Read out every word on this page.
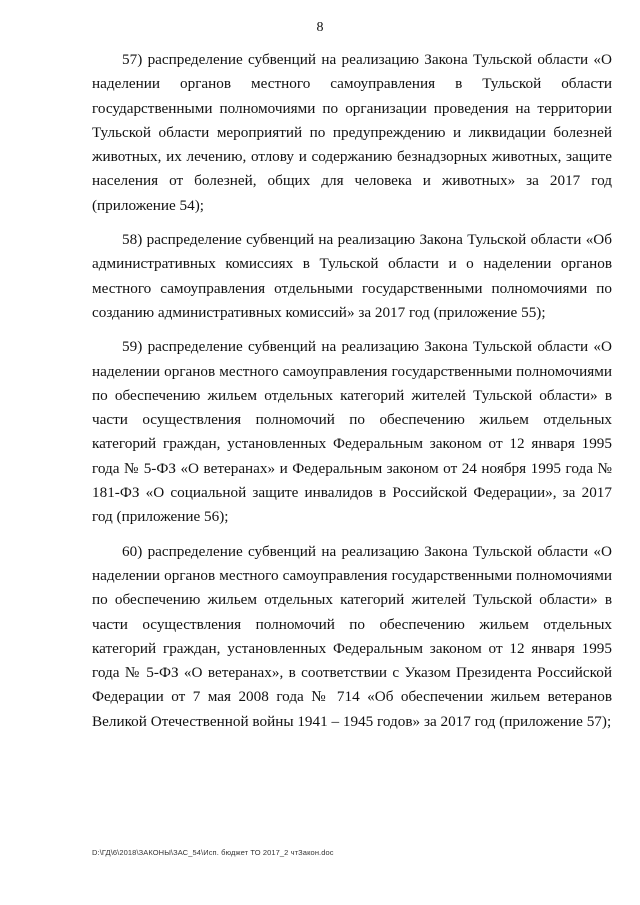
8

57) распределение субвенций на реализацию Закона Тульской области «О наделении органов местного самоуправления в Тульской области государственными полномочиями по организации проведения на территории Тульской области мероприятий по предупреждению и ликвидации болезней животных, их лечению, отлову и содержанию безнадзорных животных, защите населения от болезней, общих для человека и животных» за 2017 год (приложение 54);

58) распределение субвенций на реализацию Закона Тульской области «Об административных комиссиях в Тульской области и о наделении органов местного самоуправления отдельными государственными полномочиями по созданию административных комиссий» за 2017 год (приложение 55);

59) распределение субвенций на реализацию Закона Тульской области «О наделении органов местного самоуправления государственными полномочиями по обеспечению жильем отдельных категорий жителей Тульской области» в части осуществления полномочий по обеспечению жильем отдельных категорий граждан, установленных Федеральным законом от 12 января 1995 года № 5-ФЗ «О ветеранах» и Федеральным законом от 24 ноября 1995 года № 181-ФЗ «О социальной защите инвалидов в Российской Федерации», за 2017 год (приложение 56);

60) распределение субвенций на реализацию Закона Тульской области «О наделении органов местного самоуправления государственными полномочиями по обеспечению жильем отдельных категорий жителей Тульской области» в части осуществления полномочий по обеспечению жильем отдельных категорий граждан, установленных Федеральным законом от 12 января 1995 года № 5-ФЗ «О ветеранах», в соответствии с Указом Президента Российской Федерации от 7 мая 2008 года № 714 «Об обеспечении жильем ветеранов Великой Отечественной войны 1941 – 1945 годов» за 2017 год (приложение 57);

D:\ГД\6\2018\ЗАКОНЫ\ЗАС_54\Исп. бюджет ТО 2017_2 чтЗакон.doc
